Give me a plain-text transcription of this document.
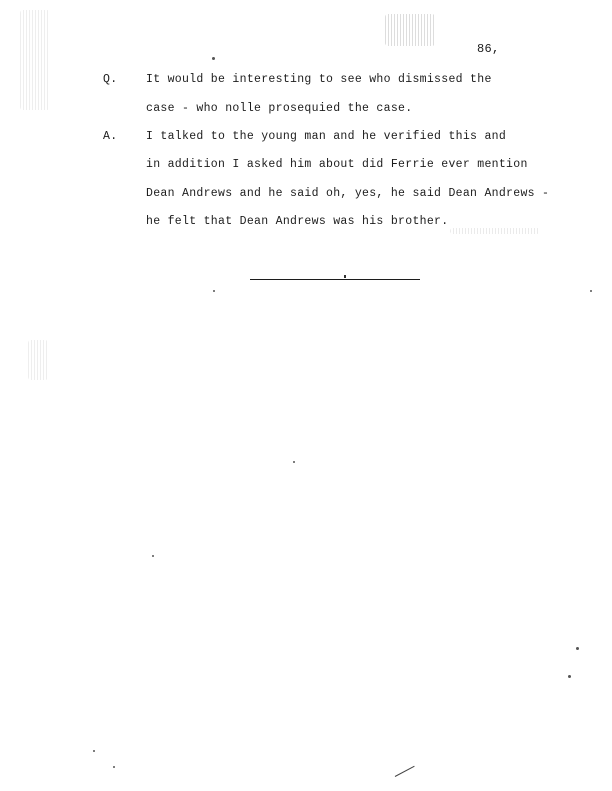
86,
Q. It would be interesting to see who dismissed the
case - who nolle prosequied the case.
A. I talked to the young man and he verified this and
in addition I asked him about did Ferrie ever mention
Dean Andrews and he said oh, yes, he said Dean Andrews -
he felt that Dean Andrews was his brother.
